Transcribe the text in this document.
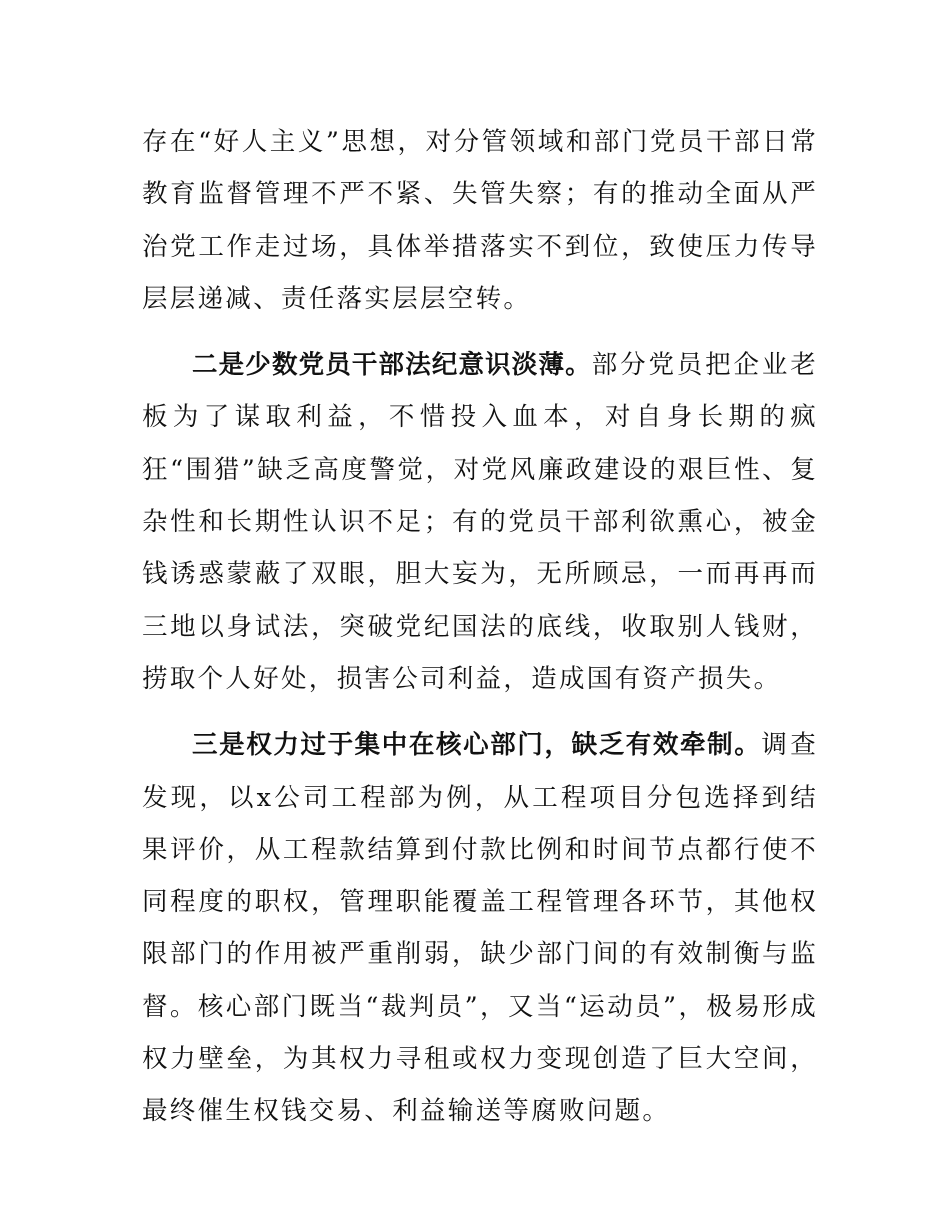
存在“好人主义”思想，对分管领域和部门党员干部日常教育监督管理不严不紧、失管失察；有的推动全面从严治党工作走过场，具体举措落实不到位，致使压力传导层层递减、责任落实层层空转。

二是少数党员干部法纪意识淡薄。部分党员把企业老板为了谋取利益，不惜投入血本，对自身长期的疯狂“围猎”缺乏高度警觉，对党风廉政建设的艰巨性、复杂性和长期性认识不足；有的党员干部利欲熏心，被金钱诱惑蒙蔽了双眼，胆大妄为，无所顾忌，一而再再而三地以身试法，突破党纪国法的底线，收取别人钱财，捞取个人好处，损害公司利益，造成国有资产损失。

三是权力过于集中在核心部门，缺乏有效牵制。调查发现，以x公司工程部为例，从工程项目分包选择到结果评价，从工程款结算到付款比例和时间节点都行使不同程度的职权，管理职能覆盖工程管理各环节，其他权限部门的作用被严重削弱，缺少部门间的有效制衡与监督。核心部门既当“裁判员”，又当“运动员”，极易形成权力壁垒，为其权力寻租或权力变现创造了巨大空间，最终催生权钱交易、利益输送等腐败问题。
